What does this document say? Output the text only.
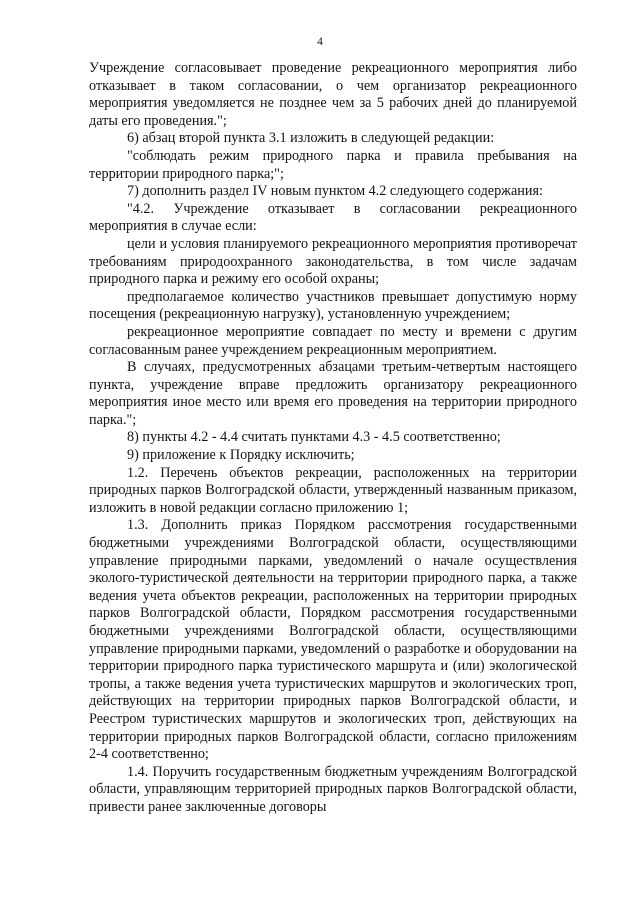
4

Учреждение согласовывает проведение рекреационного мероприятия либо отказывает в таком согласовании, о чем организатор рекреационного мероприятия уведомляется не позднее чем за 5 рабочих дней до планируемой даты его проведения.";

6) абзац второй пункта 3.1 изложить в следующей редакции:

"соблюдать режим природного парка и правила пребывания на территории природного парка;";

7) дополнить раздел IV новым пунктом 4.2 следующего содержания:

"4.2. Учреждение отказывает в согласовании рекреационного мероприятия в случае если:

цели и условия планируемого рекреационного мероприятия противоречат требованиям природоохранного законодательства, в том числе задачам природного парка и режиму его особой охраны;

предполагаемое количество участников превышает допустимую норму посещения (рекреационную нагрузку), установленную учреждением;

рекреационное мероприятие совпадает по месту и времени с другим согласованным ранее учреждением рекреационным мероприятием.

В случаях, предусмотренных абзацами третьим-четвертым настоящего пункта, учреждение вправе предложить организатору рекреационного мероприятия иное место или время его проведения на территории природного парка.";

8) пункты 4.2 - 4.4 считать пунктами 4.3 - 4.5 соответственно;

9) приложение к Порядку исключить;

1.2. Перечень объектов рекреации, расположенных на территории природных парков Волгоградской области, утвержденный названным приказом, изложить в новой редакции согласно приложению 1;

1.3. Дополнить приказ Порядком рассмотрения государственными бюджетными учреждениями Волгоградской области, осуществляющими управление природными парками, уведомлений о начале осуществления эколого-туристической деятельности на территории природного парка, а также ведения учета объектов рекреации, расположенных на территории природных парков Волгоградской области, Порядком рассмотрения государственными бюджетными учреждениями Волгоградской области, осуществляющими управление природными парками, уведомлений о разработке и оборудовании на территории природного парка туристического маршрута и (или) экологической тропы, а также ведения учета туристических маршрутов и экологических троп, действующих на территории природных парков Волгоградской области, и Реестром туристических маршрутов и экологических троп, действующих на территории природных парков Волгоградской области, согласно приложениям 2-4 соответственно;

1.4. Поручить государственным бюджетным учреждениям Волгоградской области, управляющим территорией природных парков Волгоградской области, привести ранее заключенные договоры
